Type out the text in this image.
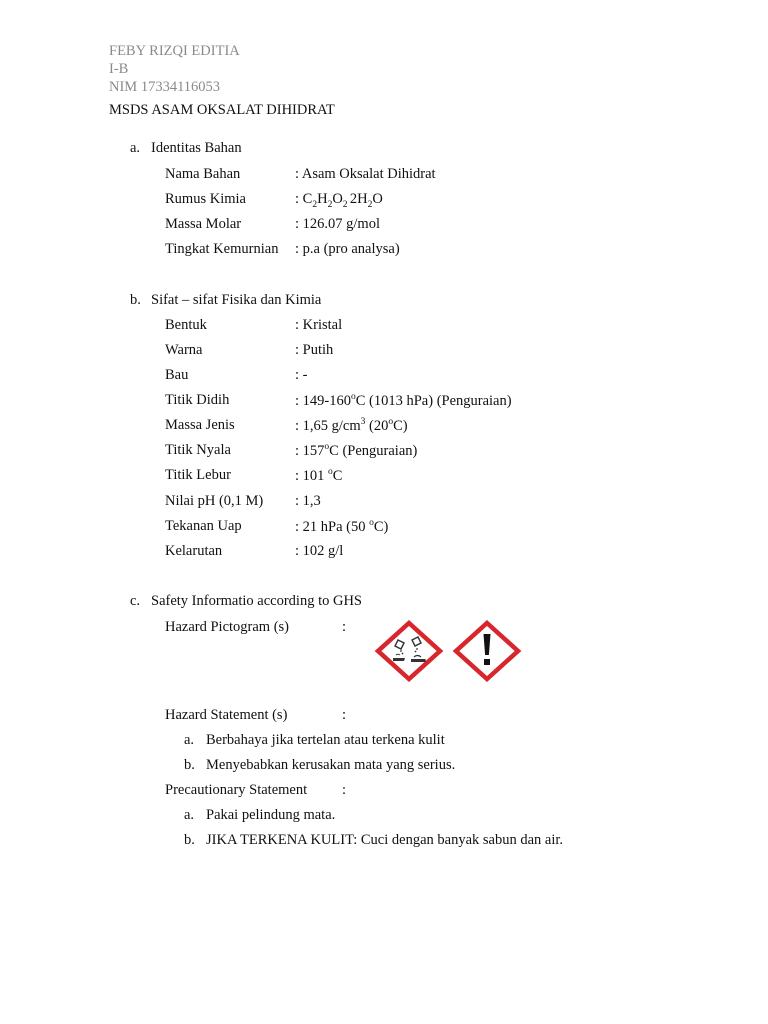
FEBY RIZQI EDITIA
I-B
NIM 17334116053
MSDS ASAM OKSALAT DIHIDRAT
a. Identitas Bahan
Nama Bahan	: Asam Oksalat Dihidrat
Rumus Kimia	: $C_2H_2O_2$ $2H_2O$
Massa Molar	: 126.07 g/mol
Tingkat Kemurnian : p.a (pro analysa)
b. Sifat – sifat Fisika dan Kimia
Bentuk	: Kristal
Warna	: Putih
Bau	: -
Titik Didih	: 149-160$^o$C (1013 hPa) (Penguraian)
Massa Jenis	: 1,65 $g/cm^3$ (20$^o$C)
Titik Nyala	: 157$^o$C (Penguraian)
Titik Lebur	: 101 $^o$C
Nilai pH (0,1 M) : 1,3
Tekanan Uap	: 21 hPa (50 $^o$C)
Kelarutan	: 102 g/l
c. Safety Informatio according to GHS
Hazard Pictogram (s)	:
Hazard Statement (s)	:
a. Berbahaya jika tertelan atau terkena kulit
b. Menyebabkan kerusakan mata yang serius.
Precautionary Statement :
a. Pakai pelindung mata.
b. JIKA TERKENA KULIT: Cuci dengan banyak sabun dan air.
